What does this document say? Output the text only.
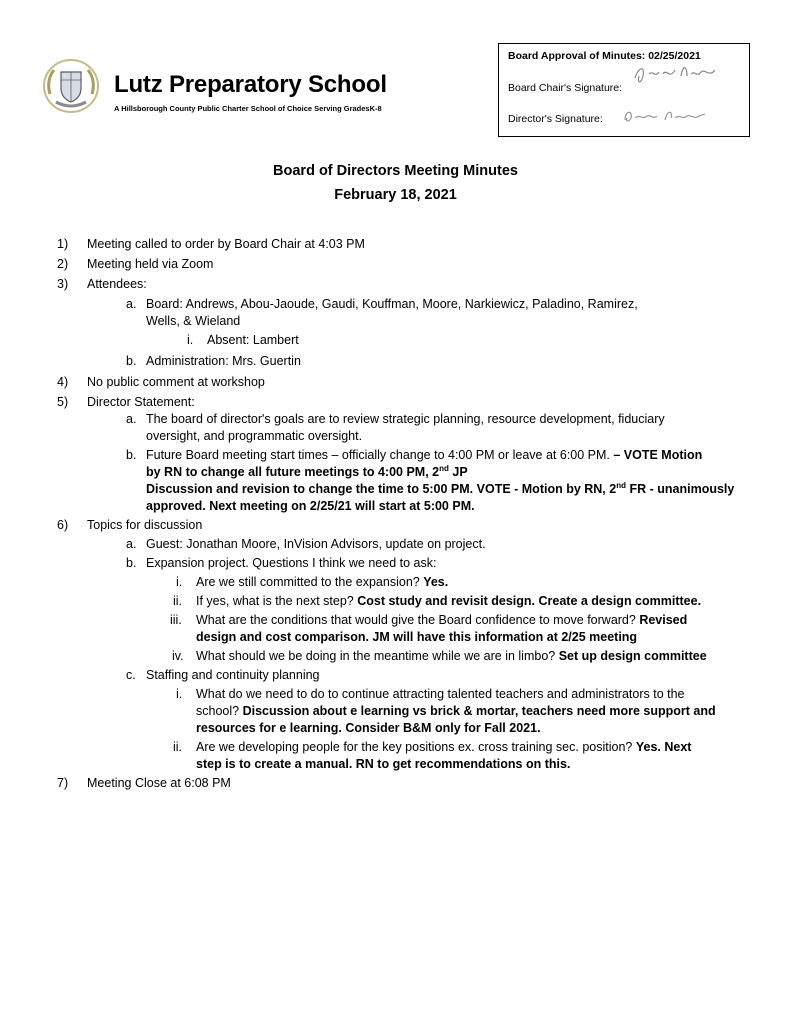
Lutz Preparatory School
A Hillsborough County Public Charter School of Choice Serving GradesK-8
Board Approval of Minutes: 02/25/2021
Board Chair's Signature:
Director's Signature:
Board of Directors Meeting Minutes
February 18, 2021
1) Meeting called to order by Board Chair at 4:03 PM
2) Meeting held via Zoom
3) Attendees:
a. Board: Andrews, Abou-Jaoude, Gaudi, Kouffman, Moore, Narkiewicz, Paladino, Ramirez,
Wells, & Wieland
i. Absent: Lambert
b. Administration: Mrs. Guertin
4) No public comment at workshop
5) Director Statement:
a. The board of director's goals are to review strategic planning, resource development, fiduciary
oversight, and programmatic oversight.
b. Future Board meeting start times – officially change to 4:00 PM or leave at 6:00 PM. – VOTE Motion
by RN to change all future meetings to 4:00 PM, 2nd JP
Discussion and revision to change the time to 5:00 PM. VOTE - Motion by RN, 2nd FR - unanimously
approved. Next meeting on 2/25/21 will start at 5:00 PM.
6) Topics for discussion
a. Guest: Jonathan Moore, InVision Advisors, update on project.
b. Expansion project. Questions I think we need to ask:
i. Are we still committed to the expansion? Yes.
ii. If yes, what is the next step? Cost study and revisit design. Create a design committee.
iii. What are the conditions that would give the Board confidence to move forward? Revised
design and cost comparison. JM will have this information at 2/25 meeting
iv. What should we be doing in the meantime while we are in limbo? Set up design committee
c. Staffing and continuity planning
i. What do we need to do to continue attracting talented teachers and administrators to the
school? Discussion about e learning vs brick & mortar, teachers need more support and
resources for e learning. Consider B&M only for Fall 2021.
ii. Are we developing people for the key positions ex. cross training sec. position? Yes. Next
step is to create a manual. RN to get recommendations on this.
7) Meeting Close at 6:08 PM
